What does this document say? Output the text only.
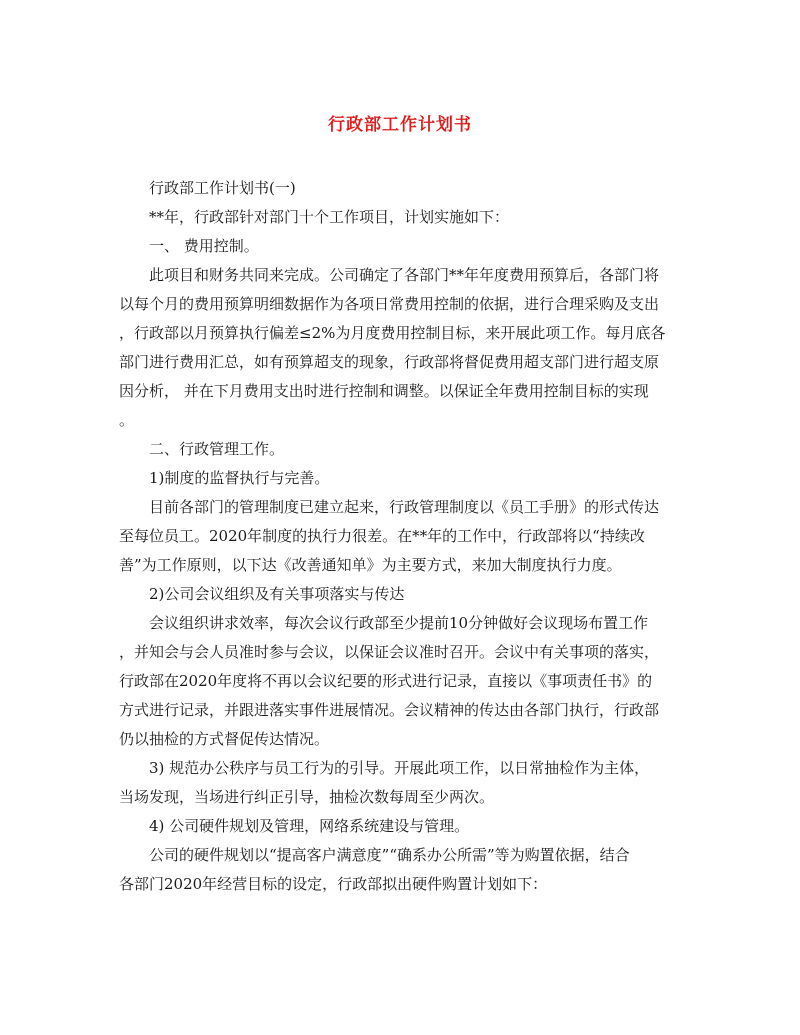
行政部工作计划书

行政部工作计划书(一)

**年，行政部针对部门十个工作项目，计划实施如下：

一、 费用控制。

此项目和财务共同来完成。公司确定了各部门**年年度费用预算后，各部门将

以每个月的费用预算明细数据作为各项日常费用控制的依据，进行合理采购及支出

，行政部以月预算执行偏差≤2%为月度费用控制目标，来开展此项工作。每月底各

部门进行费用汇总，如有预算超支的现象，行政部将督促费用超支部门进行超支原

因分析， 并在下月费用支出时进行控制和调整。以保证全年费用控制目标的实现

。

二、行政管理工作。

1)制度的监督执行与完善。

目前各部门的管理制度已建立起来，行政管理制度以《员工手册》的形式传达

至每位员工。2020年制度的执行力很差。在**年的工作中，行政部将以“持续改

善”为工作原则，以下达《改善通知单》为主要方式，来加大制度执行力度。

2)公司会议组织及有关事项落实与传达

会议组织讲求效率，每次会议行政部至少提前10分钟做好会议现场布置工作

，并知会与会人员准时参与会议，以保证会议准时召开。会议中有关事项的落实，

行政部在2020年度将不再以会议纪要的形式进行记录，直接以《事项责任书》的

方式进行记录，并跟进落实事件进展情况。会议精神的传达由各部门执行，行政部

仍以抽检的方式督促传达情况。

3) 规范办公秩序与员工行为的引导。开展此项工作，以日常抽检作为主体，

当场发现，当场进行纠正引导，抽检次数每周至少两次。

4) 公司硬件规划及管理，网络系统建设与管理。

公司的硬件规划以“提高客户满意度”“确系办公所需”等为购置依据，结合

各部门2020年经营目标的设定，行政部拟出硬件购置计划如下：
